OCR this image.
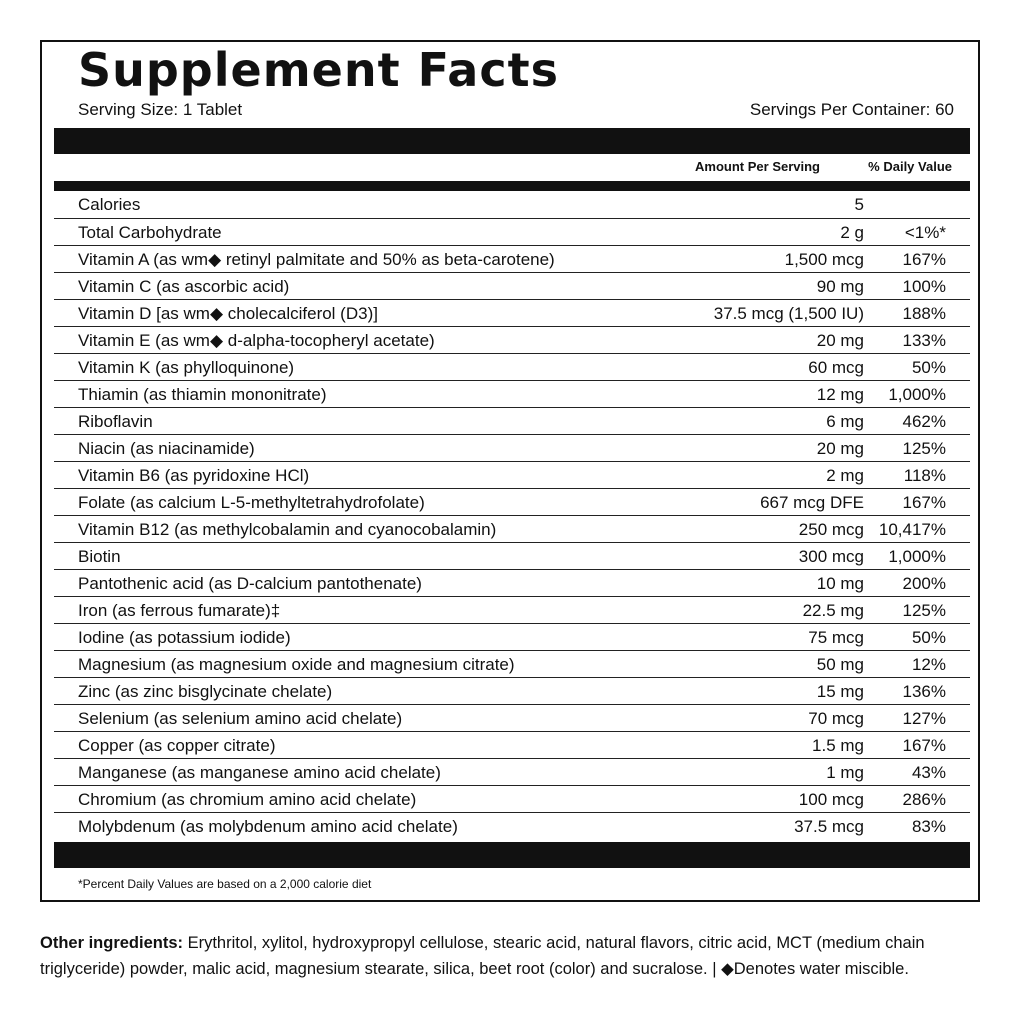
Supplement Facts
Serving Size: 1 Tablet	Servings Per Container: 60
Amount Per Serving	% Daily Value
Calories	5
Total Carbohydrate	2 g <1%*
Vitamin A (as wm◆ retinyl palmitate and 50% as beta-carotene)	1,500 mcg 167%
Vitamin C (as ascorbic acid)	90 mg 100%
Vitamin D [as wm◆ cholecalciferol (D3)]	37.5 mcg (1,500 IU) 188%
Vitamin E (as wm◆ d-alpha-tocopheryl acetate)	20 mg 133%
Vitamin K (as phylloquinone)	60 mcg	50%
Thiamin (as thiamin mononitrate)	12 mg 1,000%
Riboflavin	6 mg 462%
Niacin (as niacinamide)	20 mg 125%
Vitamin B6 (as pyridoxine HCl)	2 mg 118%
Folate (as calcium L-5-methyltetrahydrofolate)	667 mcg DFE 167%
Vitamin B12 (as methylcobalamin and cyanocobalamin)	250 mcg 10,417%
Biotin	300 mcg 1,000%
Pantothenic acid (as D-calcium pantothenate)	10 mg 200%
Iron (as ferrous fumarate)‡	22.5 mg 125%
Iodine (as potassium iodide)	75 mcg	50%
Magnesium (as magnesium oxide and magnesium citrate)	50 mg	12%
Zinc (as zinc bisglycinate chelate)	15 mg 136%
Selenium (as selenium amino acid chelate)	70 mcg 127%
Copper (as copper citrate)	1.5 mg 167%
Manganese (as manganese amino acid chelate)	1 mg	43%
Chromium (as chromium amino acid chelate)	100 mcg 286%
Molybdenum (as molybdenum amino acid chelate)	37.5 mcg	83%
*Percent Daily Values are based on a 2,000 calorie diet

Other ingredients: Erythritol, xylitol, hydroxypropyl cellulose, stearic acid, natural flavors, citric acid, MCT (medium chain triglyceride) powder, malic acid, magnesium stearate, silica, beet root (color) and sucralose. | ◆Denotes water miscible.
